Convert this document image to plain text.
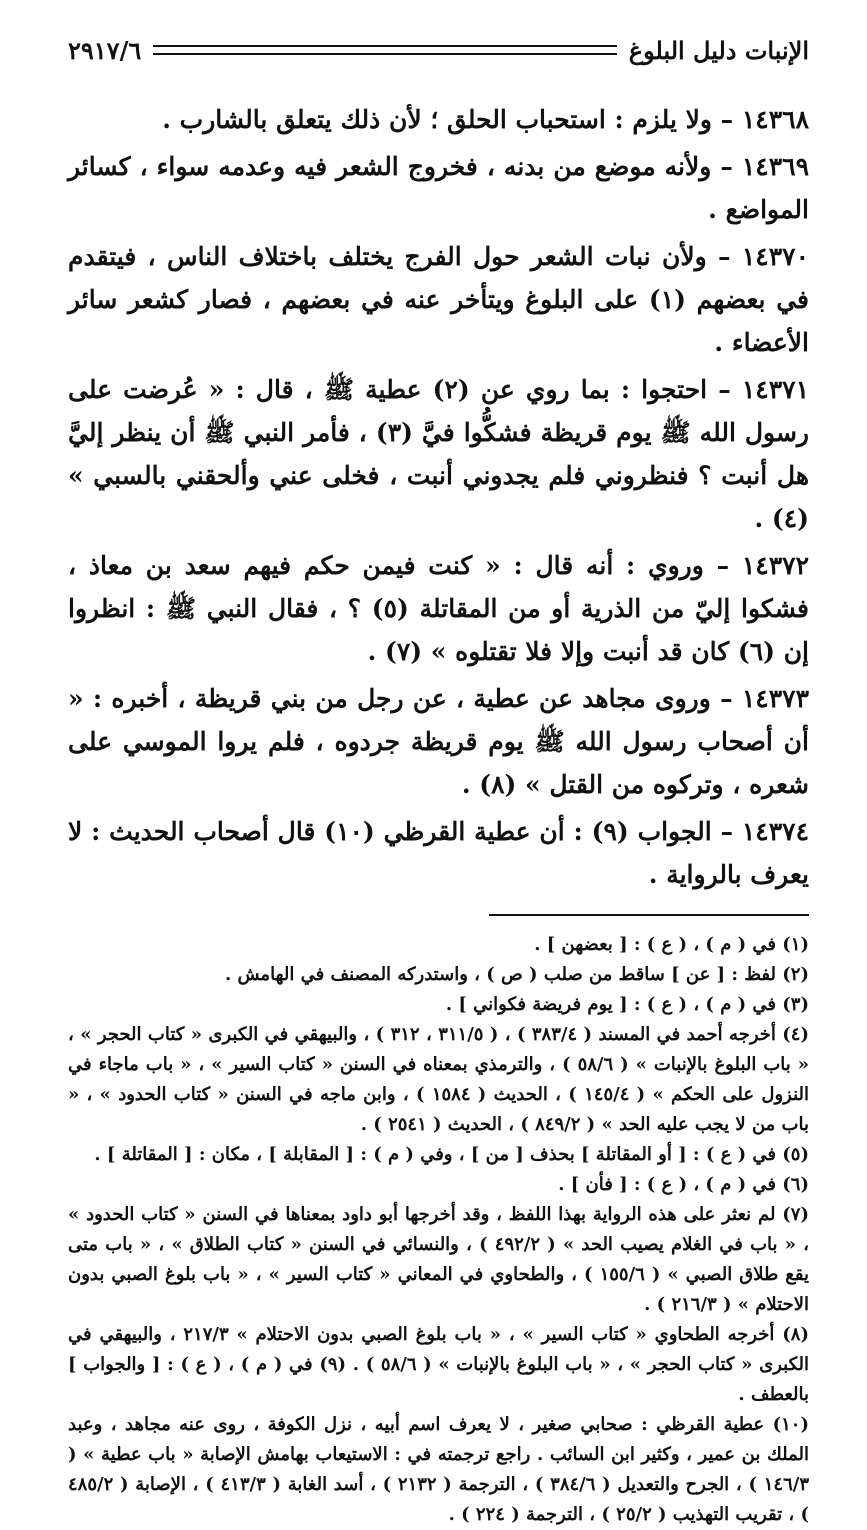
الإنبات دليل البلوغ
٢٩١٧/٦

١٤٣٦٨ – ولا يلزم : استحباب الحلق ؛ لأن ذلك يتعلق بالشارب .

١٤٣٦٩ – ولأنه موضع من بدنه ، فخروج الشعر فيه وعدمه سواء ، كسائر المواضع .

١٤٣٧٠ – ولأن نبات الشعر حول الفرج يختلف باختلاف الناس ، فيتقدم في بعضهم (١) على البلوغ ويتأخر عنه في بعضهم ، فصار كشعر سائر الأعضاء .

١٤٣٧١ – احتجوا : بما روي عن (٢) عطية ﷺ ، قال : « عُرضت على رسول الله ﷺ يوم قريظة فشكُّوا فيَّ (٣) ، فأمر النبي ﷺ أن ينظر إليَّ هل أنبت ؟ فنظروني فلم يجدوني أنبت ، فخلى عني وألحقني بالسبي » (٤) .

١٤٣٧٢ – وروي : أنه قال : « كنت فيمن حكم فيهم سعد بن معاذ ، فشكوا إليّ من الذرية أو من المقاتلة (٥) ؟ ، فقال النبي ﷺ : انظروا إن (٦) كان قد أنبت وإلا فلا تقتلوه » (٧) .

١٤٣٧٣ – وروى مجاهد عن عطية ، عن رجل من بني قريظة ، أخبره : « أن أصحاب رسول الله ﷺ يوم قريظة جردوه ، فلم يروا الموسي على شعره ، وتركوه من القتل » (٨) .

١٤٣٧٤ – الجواب (٩) : أن عطية القرظي (١٠) قال أصحاب الحديث : لا يعرف بالرواية .

(١) في ( م ) ، ( ع ) : [ بعضهن ] .

(٢) لفظ : [ عن ] ساقط من صلب ( ص ) ، واستدركه المصنف في الهامش .

(٣) في ( م ) ، ( ع ) : [ يوم فريضة فكواني ] .

(٤) أخرجه أحمد في المسند ( ٣٨٣/٤ ) ، ( ٣١١/٥ ، ٣١٢ ) ، والبيهقي في الكبرى « كتاب الحجر » ، « باب البلوغ بالإنبات » ( ٥٨/٦ ) ، والترمذي بمعناه في السنن « كتاب السير » ، « باب ماجاء في النزول على الحكم » ( ١٤٥/٤ ) ، الحديث ( ١٥٨٤ ) ، وابن ماجه في السنن « كتاب الحدود » ، « باب من لا يجب عليه الحد » ( ٨٤٩/٢ ) ، الحديث ( ٢٥٤١ ) .

(٥) في ( ع ) : [ أو المقاتلة ] بحذف [ من ] ، وفي ( م ) : [ المقابلة ] ، مكان : [ المقاتلة ] .

(٦) في ( م ) ، ( ع ) : [ فأن ] .

(٧) لم نعثر على هذه الرواية بهذا اللفظ ، وقد أخرجها أبو داود بمعناها في السنن « كتاب الحدود » ، « باب في الغلام يصيب الحد » ( ٤٩٢/٢ ) ، والنسائي في السنن « كتاب الطلاق » ، « باب متى يقع طلاق الصبي » ( ١٥٥/٦ ) ، والطحاوي في المعاني « كتاب السير » ، « باب بلوغ الصبي بدون الاحتلام » ( ٢١٦/٣ ) .

(٨) أخرجه الطحاوي « كتاب السير » ، « باب بلوغ الصبي بدون الاحتلام » ٢١٧/٣ ، والبيهقي في الكبرى « كتاب الحجر » ، « باب البلوغ بالإنبات » ( ٥٨/٦ ) . (٩) في ( م ) ، ( ع ) : [ والجواب ] بالعطف .

(١٠) عطية القرظي : صحابي صغير ، لا يعرف اسم أبيه ، نزل الكوفة ، روى عنه مجاهد ، وعبد الملك بن عمير ، وكثير ابن السائب . راجع ترجمته في : الاستيعاب بهامش الإصابة « باب عطية » ( ١٤٦/٣ ) ، الجرح والتعديل ( ٣٨٤/٦ ) ، الترجمة ( ٢١٣٢ ) ، أسد الغابة ( ٤١٣/٣ ) ، الإصابة ( ٤٨٥/٢ ) ، تقريب التهذيب ( ٢٥/٢ ) ، الترجمة ( ٢٢٤ ) .
